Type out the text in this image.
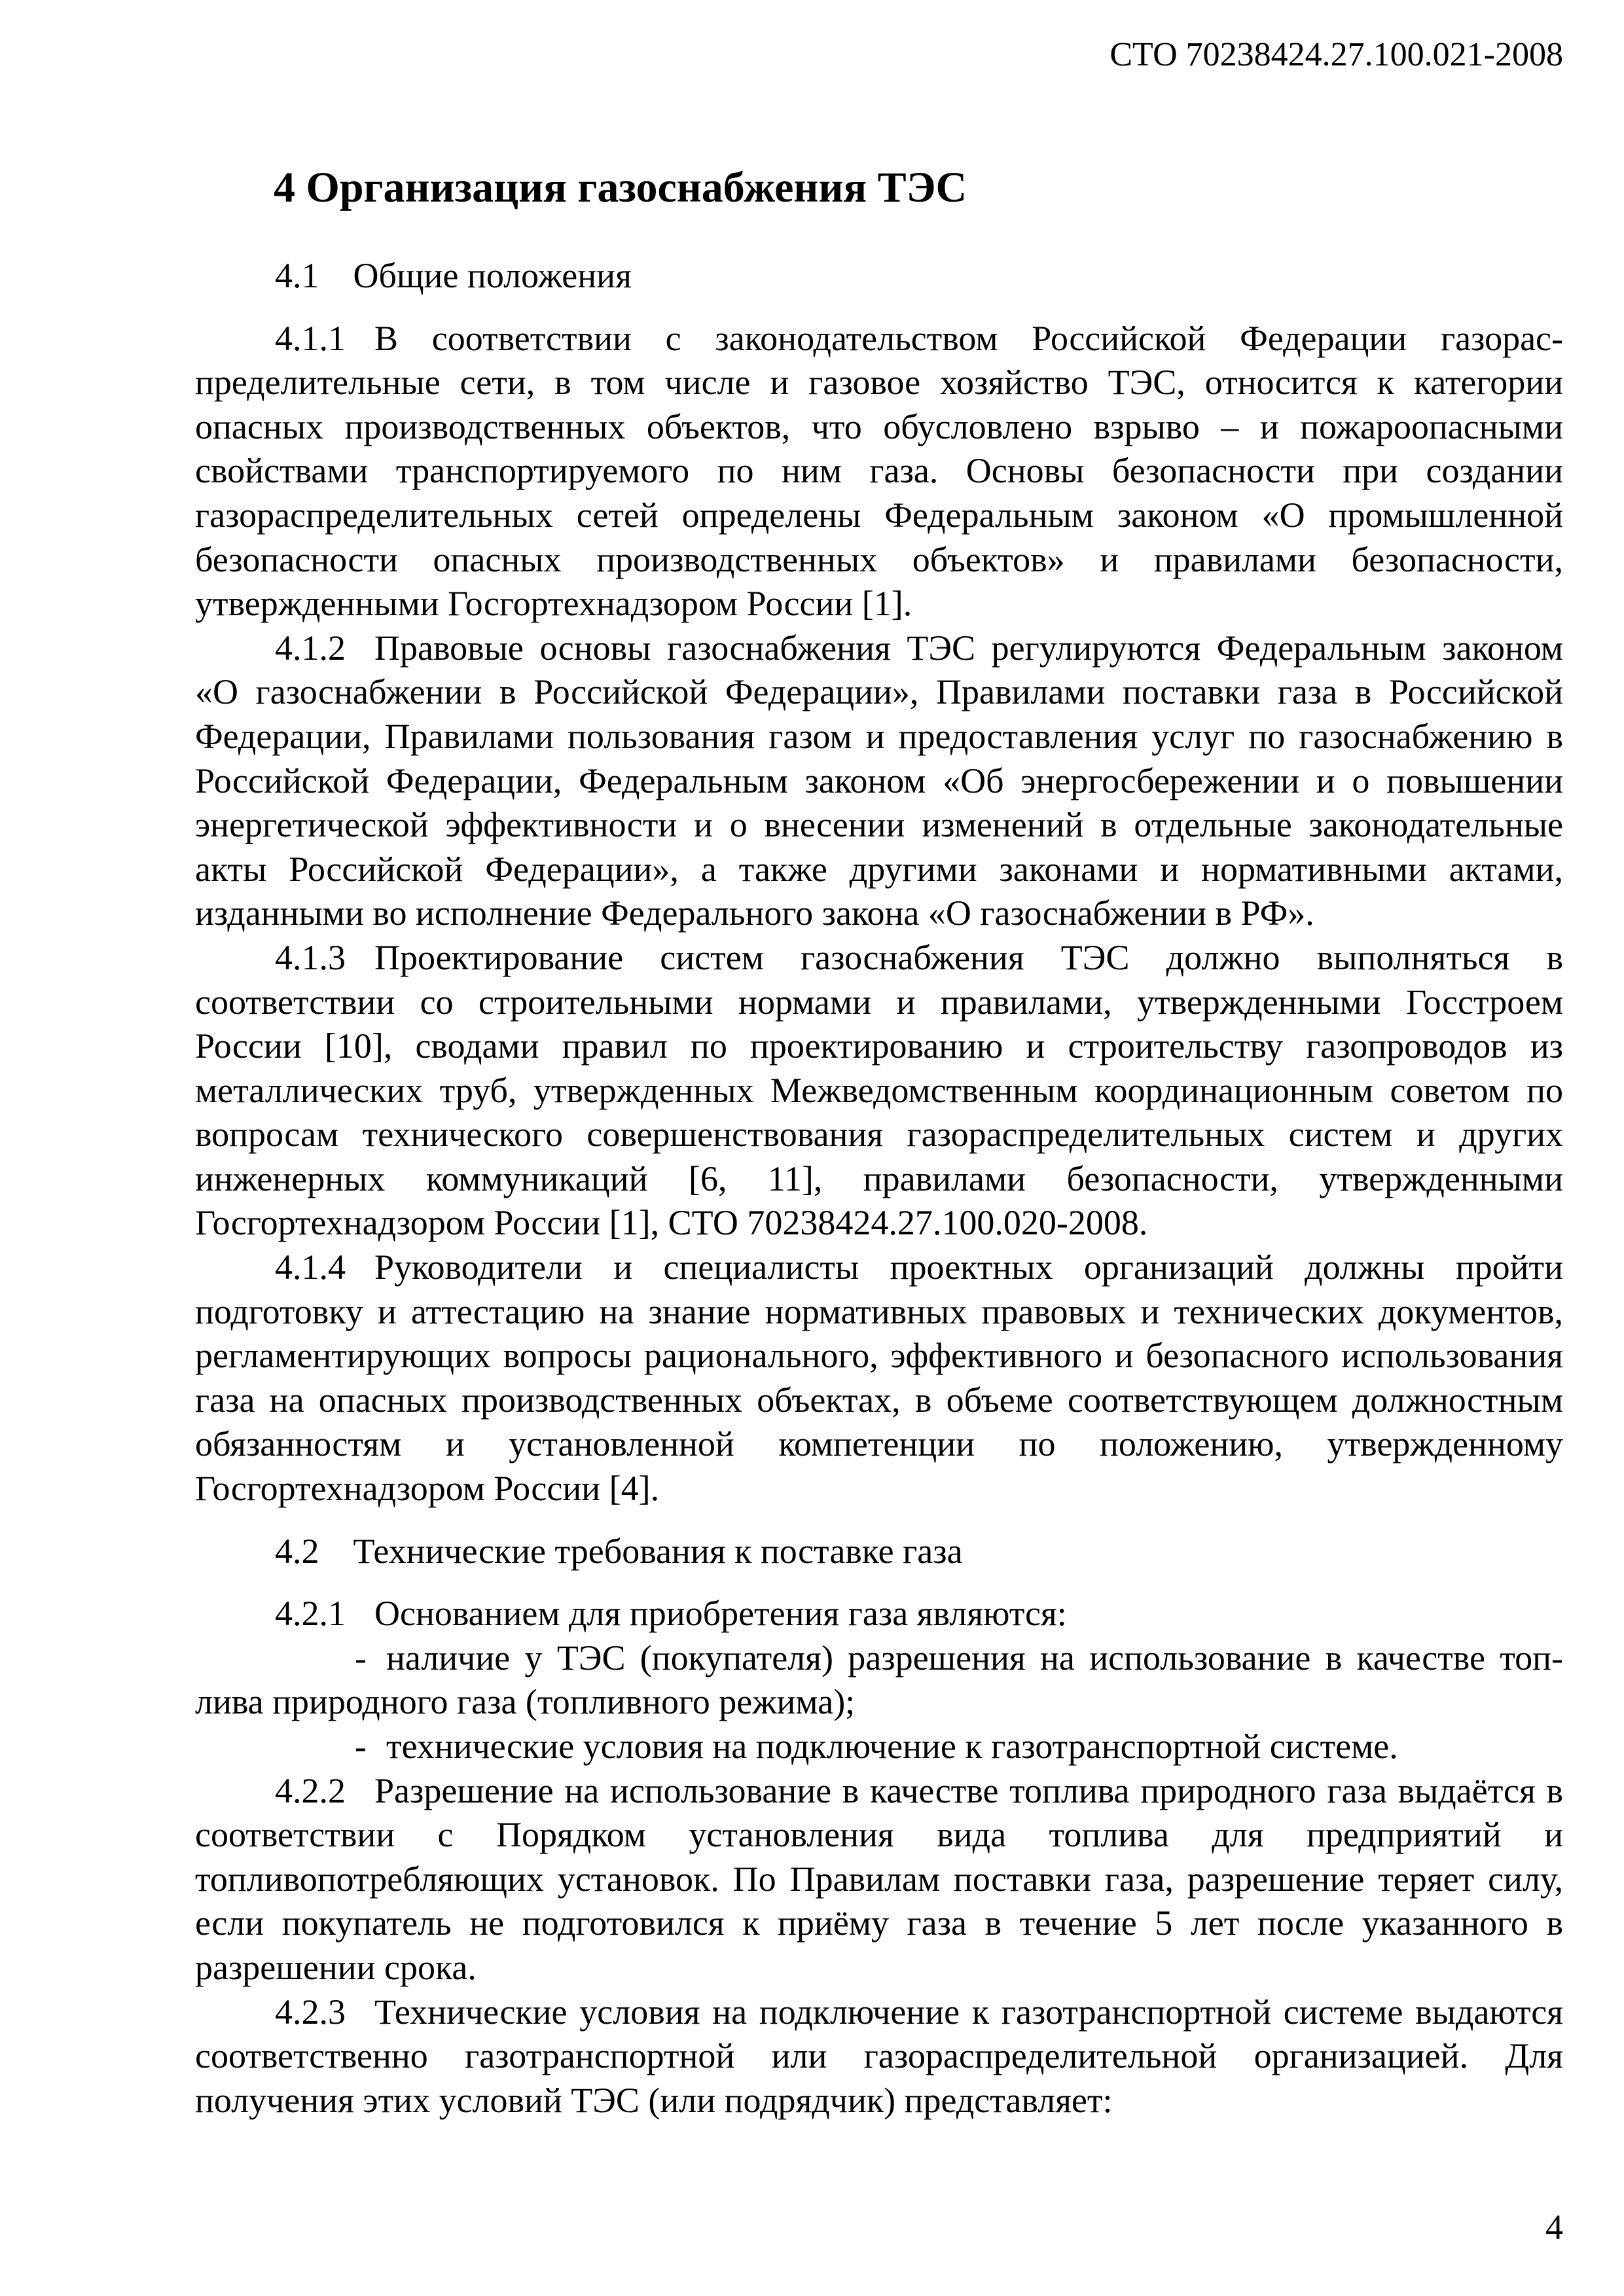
СТО 70238424.27.100.021-2008
4 Организация газоснабжения ТЭС
4.1 Общие положения

4.1.1 В соответствии с законодательством Российской Федерации газораспределительные сети, в том числе и газовое хозяйство ТЭС, относится к категории опасных производственных объектов, что обусловлено взрыво – и пожароопасными свойствами транспортируемого по ним газа. Основы безопасности при создании газораспределительных сетей определены Федеральным законом «О промышленной безопасности опасных производственных объектов» и правилами безопасности, утвержденными Госгортехнадзором России [1].

4.1.2 Правовые основы газоснабжения ТЭС регулируются Федеральным законом «О газоснабжении в Российской Федерации», Правилами поставки газа в Российской Федерации, Правилами пользования газом и предоставления услуг по газоснабжению в Российской Федерации, Федеральным законом «Об энергосбережении и о повышении энергетической эффективности и о внесении изменений в отдельные законодательные акты Российской Федерации», а также другими законами и нормативными актами, изданными во исполнение Федерального закона «О газоснабжении в РФ».

4.1.3 Проектирование систем газоснабжения ТЭС должно выполняться в соответствии со строительными нормами и правилами, утвержденными Госстроем России [10], сводами правил по проектированию и строительству газопроводов из металлических труб, утвержденных Межведомственным координационным советом по вопросам технического совершенствования газораспределительных систем и других инженерных коммуникаций [6, 11], правилами безопасности, утвержденными Госгортехнадзором России [1], СТО 70238424.27.100.020-2008.

4.1.4 Руководители и специалисты проектных организаций должны пройти подготовку и аттестацию на знание нормативных правовых и технических документов, регламентирующих вопросы рационального, эффективного и безопасного использования газа на опасных производственных объектах, в объеме соответствующем должностным обязанностям и установленной компетенции по положению, утвержденному Госгортехнадзором России [4].

4.2 Технические требования к поставке газа

4.2.1 Основанием для приобретения газа являются:

- наличие у ТЭС (покупателя) разрешения на использование в качестве топлива природного газа (топливного режима);

- технические условия на подключение к газотранспортной системе.

4.2.2 Разрешение на использование в качестве топлива природного газа выдаётся в соответствии с Порядком установления вида топлива для предприятий и топливопотребляющих установок. По Правилам поставки газа, разрешение теряет силу, если покупатель не подготовился к приёму газа в течение 5 лет после указанного в разрешении срока.

4.2.3 Технические условия на подключение к газотранспортной системе выдаются соответственно газотранспортной или газораспределительной организацией. Для получения этих условий ТЭС (или подрядчик) представляет:

4
